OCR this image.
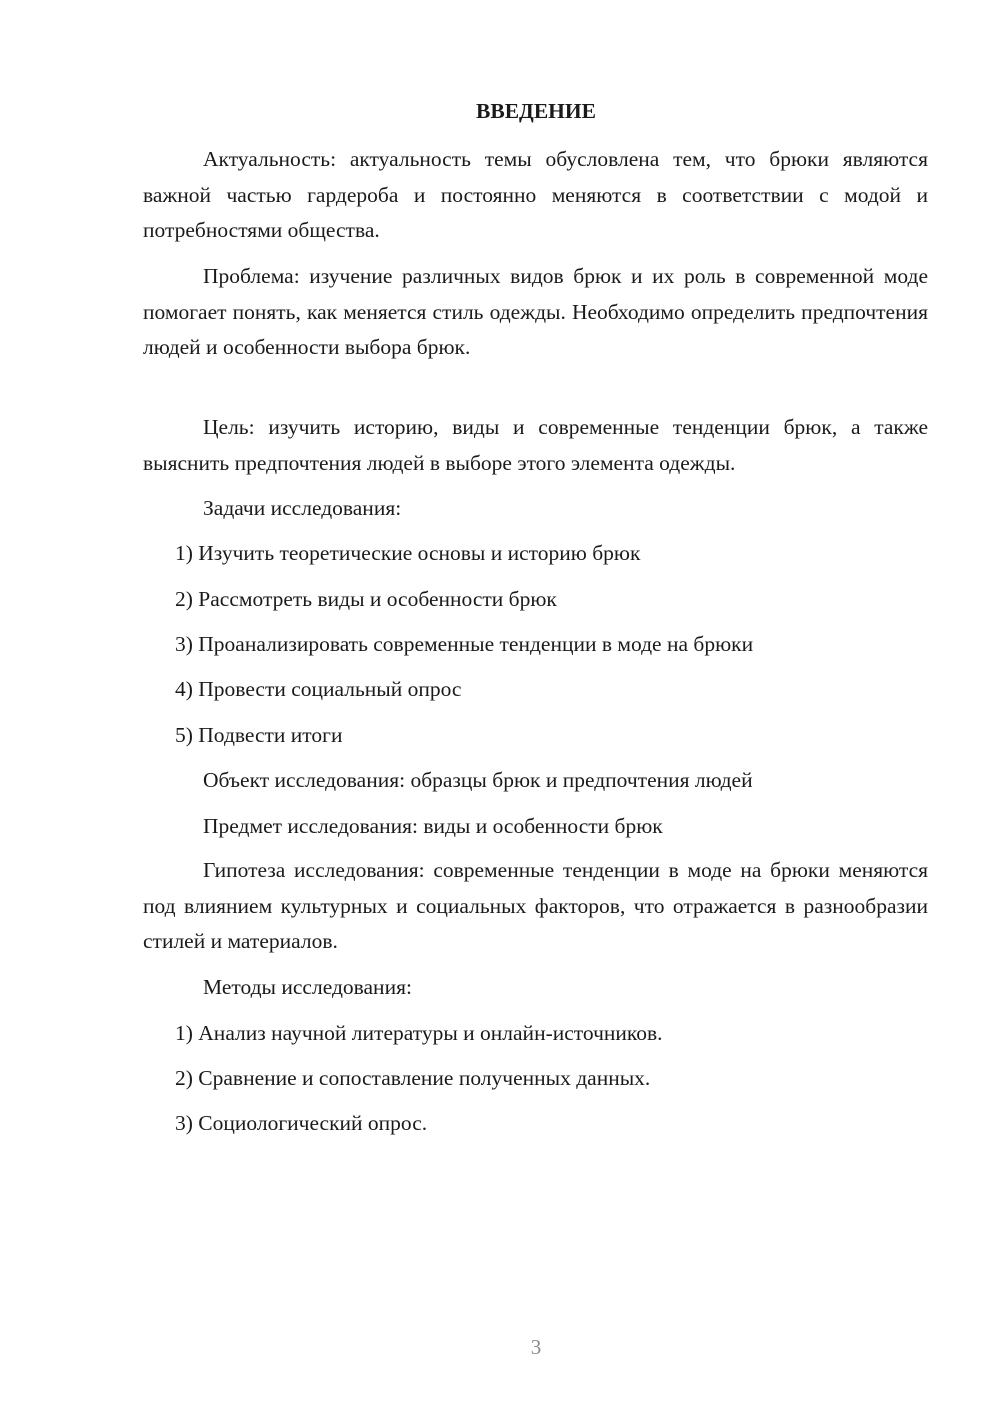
ВВЕДЕНИЕ

Актуальность: актуальность темы обусловлена тем, что брюки являются важной частью гардероба и постоянно меняются в соответствии с модой и потребностями общества.

Проблема: изучение различных видов брюк и их роль в современной моде помогает понять, как меняется стиль одежды. Необходимо определить предпочтения людей и особенности выбора брюк.

Цель: изучить историю, виды и современные тенденции брюк, а также выяснить предпочтения людей в выборе этого элемента одежды.

Задачи исследования:

1) Изучить теоретические основы и историю брюк

2) Рассмотреть виды и особенности брюк

3) Проанализировать современные тенденции в моде на брюки

4) Провести социальный опрос

5) Подвести итоги

Объект исследования: образцы брюк и предпочтения людей

Предмет исследования: виды и особенности брюк

Гипотеза исследования: современные тенденции в моде на брюки меняются под влиянием культурных и социальных факторов, что отражается в разнообразии стилей и материалов.

Методы исследования:

1) Анализ научной литературы и онлайн-источников.

2) Сравнение и сопоставление полученных данных.

3) Социологический опрос.

3
